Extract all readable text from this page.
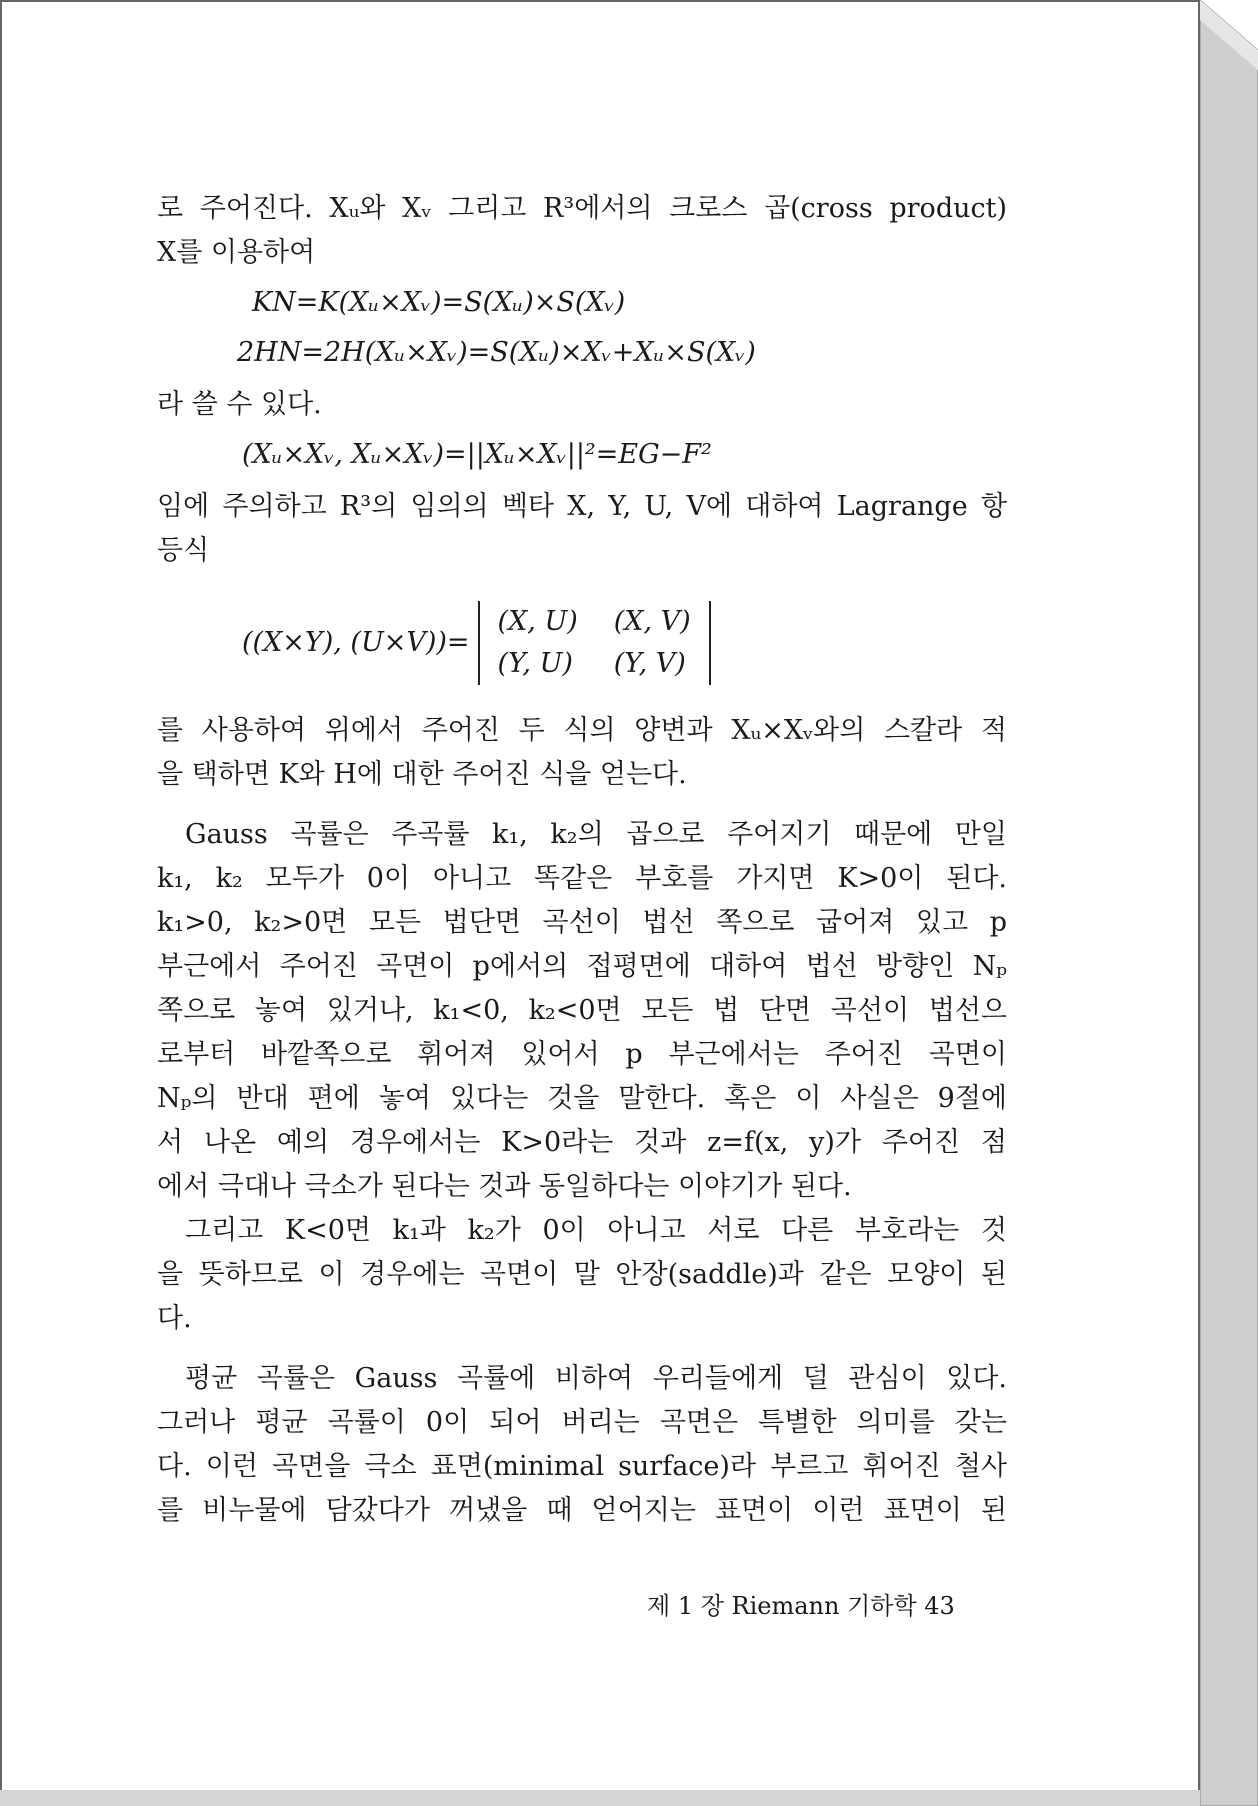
로 주어진다. Xᵤ와 Xᵥ 그리고 R³에서의 크로스 곱(cross product)
X를 이용하여
KN=K(Xᵤ×Xᵥ)=S(Xᵤ)×S(Xᵥ)
2HN=2H(Xᵤ×Xᵥ)=S(Xᵤ)×Xᵥ+Xᵤ×S(Xᵥ)
라 쓸 수 있다.
(Xᵤ×Xᵥ, Xᵤ×Xᵥ)=||Xᵤ×Xᵥ||²=EG−F²
임에 주의하고 R³의 임의의 벡타 X, Y, U, V에 대하여 Lagrange 항
등식
((X×Y), (U×V))=
(X, U) (X, V)
(Y, U) (Y, V)
를 사용하여 위에서 주어진 두 식의 양변과 Xᵤ×Xᵥ와의 스칼라 적
을 택하면 K와 H에 대한 주어진 식을 얻는다.
Gauss 곡률은 주곡률 k₁, k₂의 곱으로 주어지기 때문에 만일
k₁, k₂ 모두가 0이 아니고 똑같은 부호를 가지면 K>0이 된다.
k₁>0, k₂>0면 모든 법단면 곡선이 법선 쪽으로 굽어져 있고 p
부근에서 주어진 곡면이 p에서의 접평면에 대하여 법선 방향인 Nₚ
쪽으로 놓여 있거나, k₁<0, k₂<0면 모든 법 단면 곡선이 법선으
로부터 바깥쪽으로 휘어져 있어서 p 부근에서는 주어진 곡면이
Nₚ의 반대 편에 놓여 있다는 것을 말한다. 혹은 이 사실은 9절에
서 나온 예의 경우에서는 K>0라는 것과 z=f(x, y)가 주어진 점
에서 극대나 극소가 된다는 것과 동일하다는 이야기가 된다.
그리고 K<0면 k₁과 k₂가 0이 아니고 서로 다른 부호라는 것
을 뜻하므로 이 경우에는 곡면이 말 안장(saddle)과 같은 모양이 된
다.
평균 곡률은 Gauss 곡률에 비하여 우리들에게 덜 관심이 있다.
그러나 평균 곡률이 0이 되어 버리는 곡면은 특별한 의미를 갖는
다. 이런 곡면을 극소 표면(minimal surface)라 부르고 휘어진 철사
를 비누물에 담갔다가 꺼냈을 때 얻어지는 표면이 이런 표면이 된
제 1 장 Riemann 기하학 43
